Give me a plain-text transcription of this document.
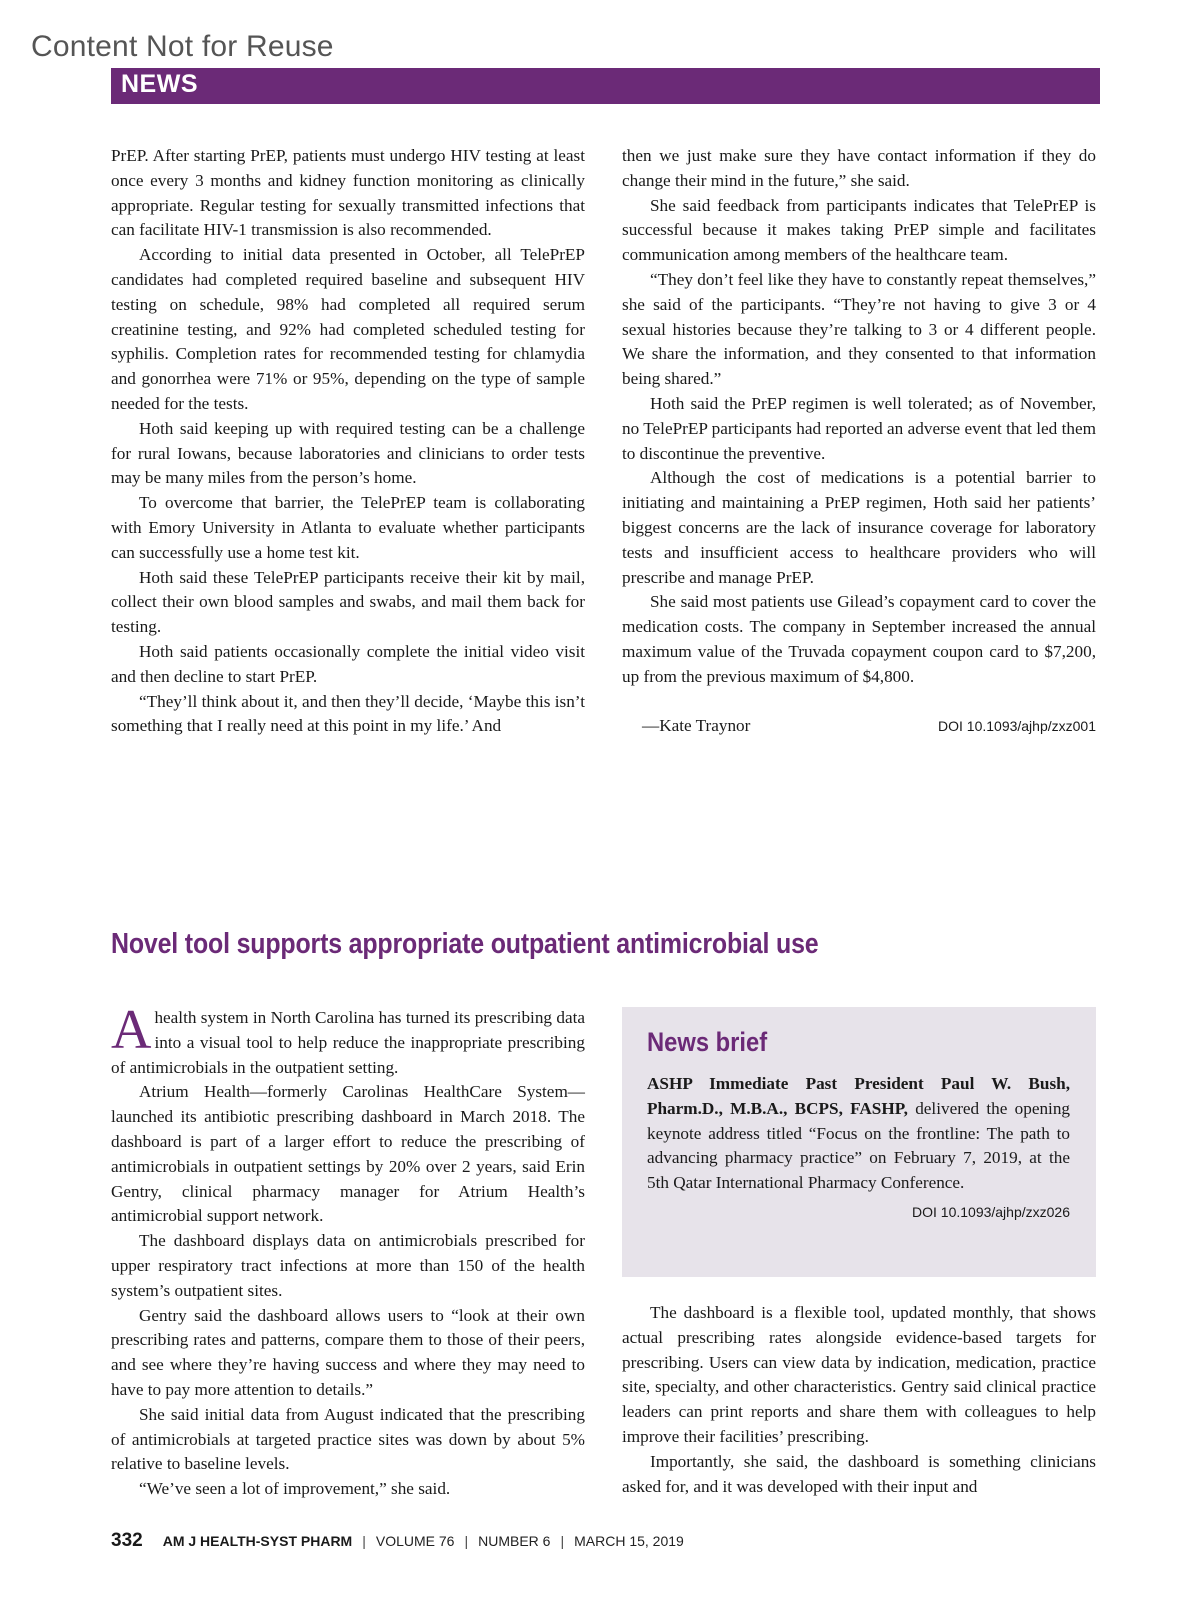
Content Not for Reuse
NEWS

PrEP. After starting PrEP, patients must undergo HIV testing at least once every 3 months and kidney function monitoring as clinically appropriate. Regular testing for sexually transmitted infections that can facilitate HIV-1 transmission is also recommended.

According to initial data presented in October, all TelePrEP candidates had completed required baseline and subsequent HIV testing on schedule, 98% had completed all required serum creatinine testing, and 92% had completed scheduled testing for syphilis. Completion rates for recommended testing for chlamydia and gonorrhea were 71% or 95%, depending on the type of sample needed for the tests.

Hoth said keeping up with required testing can be a challenge for rural Iowans, because laboratories and clinicians to order tests may be many miles from the person’s home.

To overcome that barrier, the TelePrEP team is collaborating with Emory University in Atlanta to evaluate whether participants can successfully use a home test kit.

Hoth said these TelePrEP participants receive their kit by mail, collect their own blood samples and swabs, and mail them back for testing.

Hoth said patients occasionally complete the initial video visit and then decline to start PrEP.

“They’ll think about it, and then they’ll decide, ‘Maybe this isn’t something that I really need at this point in my life.’ And

then we just make sure they have contact information if they do change their mind in the future,” she said.

She said feedback from participants indicates that TelePrEP is successful because it makes taking PrEP simple and facilitates communication among members of the healthcare team.

“They don’t feel like they have to constantly repeat themselves,” she said of the participants. “They’re not having to give 3 or 4 sexual histories because they’re talking to 3 or 4 different people. We share the information, and they consented to that information being shared.”

Hoth said the PrEP regimen is well tolerated; as of November, no TelePrEP participants had reported an adverse event that led them to discontinue the preventive.

Although the cost of medications is a potential barrier to initiating and maintaining a PrEP regimen, Hoth said her patients’ biggest concerns are the lack of insurance coverage for laboratory tests and insufficient access to healthcare providers who will prescribe and manage PrEP.

She said most patients use Gilead’s copayment card to cover the medication costs. The company in September increased the annual maximum value of the Truvada copayment coupon card to $7,200, up from the previous maximum of $4,800.

—Kate Traynor	DOI 10.1093/ajhp/zxz001
Novel tool supports appropriate outpatient antimicrobial use

Ahealth system in North Carolina has turned its prescribing data into a visual tool to help reduce the inappropriate prescribing of antimicrobials in the outpatient setting.

Atrium Health—formerly Carolinas HealthCare System—launched its antibiotic prescribing dashboard in March 2018. The dashboard is part of a larger effort to reduce the prescribing of antimicrobials in outpatient settings by 20% over 2 years, said Erin Gentry, clinical pharmacy manager for Atrium Health’s antimicrobial support network.

The dashboard displays data on antimicrobials prescribed for upper respiratory tract infections at more than 150 of the health system’s outpatient sites.

Gentry said the dashboard allows users to “look at their own prescribing rates and patterns, compare them to those of their peers, and see where they’re having success and where they may need to have to pay more attention to details.”

She said initial data from August indicated that the prescribing of antimicrobials at targeted practice sites was down by about 5% relative to baseline levels.

“We’ve seen a lot of improvement,” she said.

News brief

ASHP Immediate Past President Paul W. Bush, Pharm.D., M.B.A., BCPS, FASHP, delivered the opening keynote address titled “Focus on the frontline: The path to advancing pharmacy practice” on February 7, 2019, at the 5th Qatar International Pharmacy Conference.

DOI 10.1093/ajhp/zxz026

The dashboard is a flexible tool, updated monthly, that shows actual prescribing rates alongside evidence-based targets for prescribing. Users can view data by indication, medication, practice site, specialty, and other characteristics. Gentry said clinical practice leaders can print reports and share them with colleagues to help improve their facilities’ prescribing.

Importantly, she said, the dashboard is something clinicians asked for, and it was developed with their input and

332 AM J HEALTH-SYST PHARM | VOLUME 76 | NUMBER 6 | MARCH 15, 2019
